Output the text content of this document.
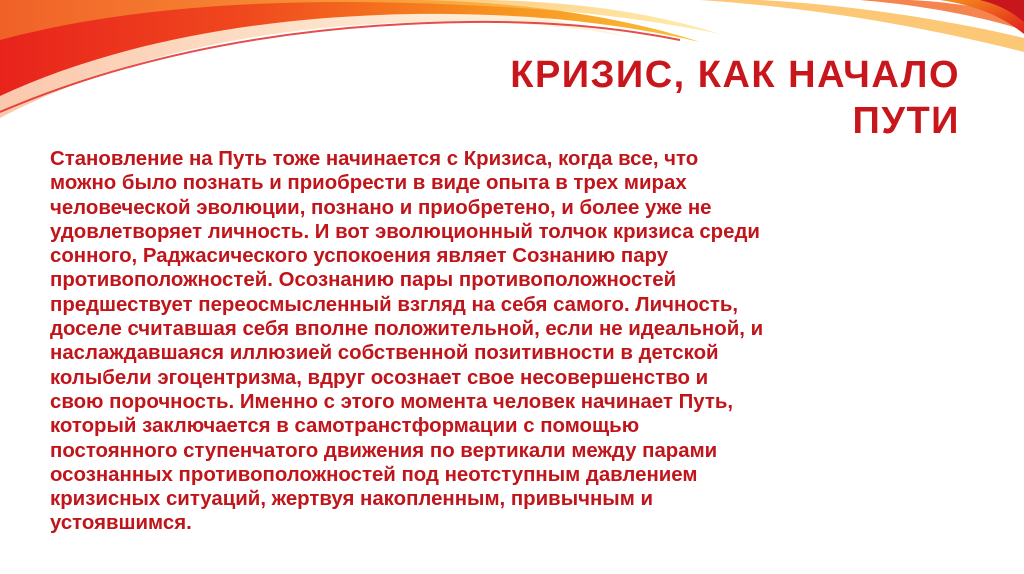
КРИЗИС, КАК НАЧАЛО
ПУТИ

Становление на Путь тоже начинается с Кризиса, когда все, что
можно было познать и приобрести в виде опыта в трех мирах
человеческой эволюции, познано и приобретено, и более уже не
удовлетворяет личность. И вот эволюционный толчок кризиса среди
сонного, Раджасического успокоения являет Сознанию пару
противоположностей. Осознанию пары противоположностей
предшествует переосмысленный взгляд на себя самого. Личность,
доселе считавшая себя вполне положительной, если не идеальной, и
наслаждавшаяся иллюзией собственной позитивности в детской
колыбели эгоцентризма, вдруг осознает свое несовершенство и
свою порочность. Именно с этого момента человек начинает Путь,
который заключается в самотранстформации с помощью
постоянного ступенчатого движения по вертикали между парами
осознанных противоположностей под неотступным давлением
кризисных ситуаций, жертвуя накопленным, привычным и
устоявшимся.
